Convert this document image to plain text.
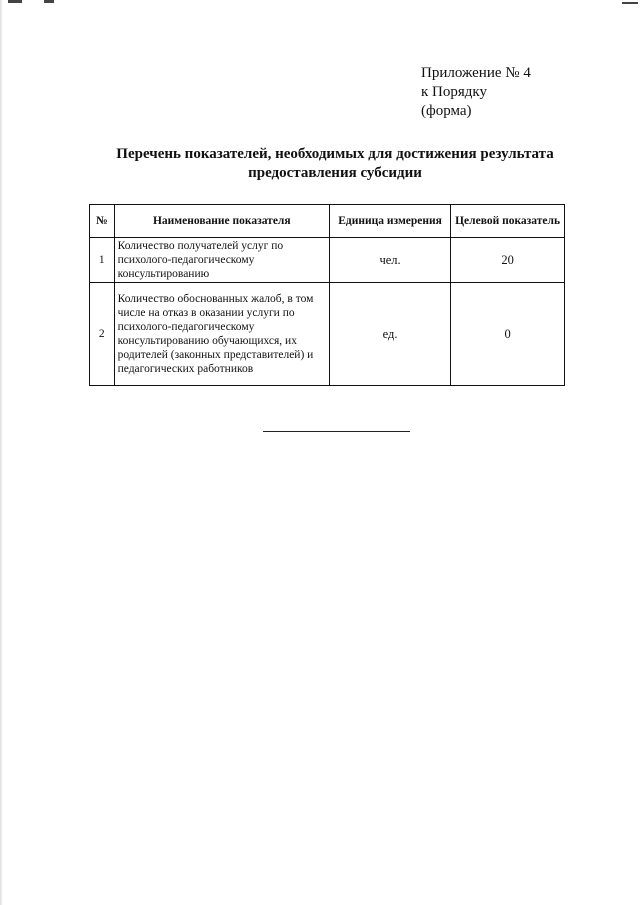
Приложение № 4
к Порядку
(форма)
Перечень показателей, необходимых для достижения результата
предоставления субсидии
№	Наименование показателя	Единица измерения	Целевой показатель
1	Количество получателей услуг по психолого-педагогическому консультированию	чел.	20
2	Количество обоснованных жалоб, в том числе на отказ в оказании услуги по психолого-педагогическому консультированию обучающихся, их родителей (законных представителей) и педагогических работников	ед.	0
